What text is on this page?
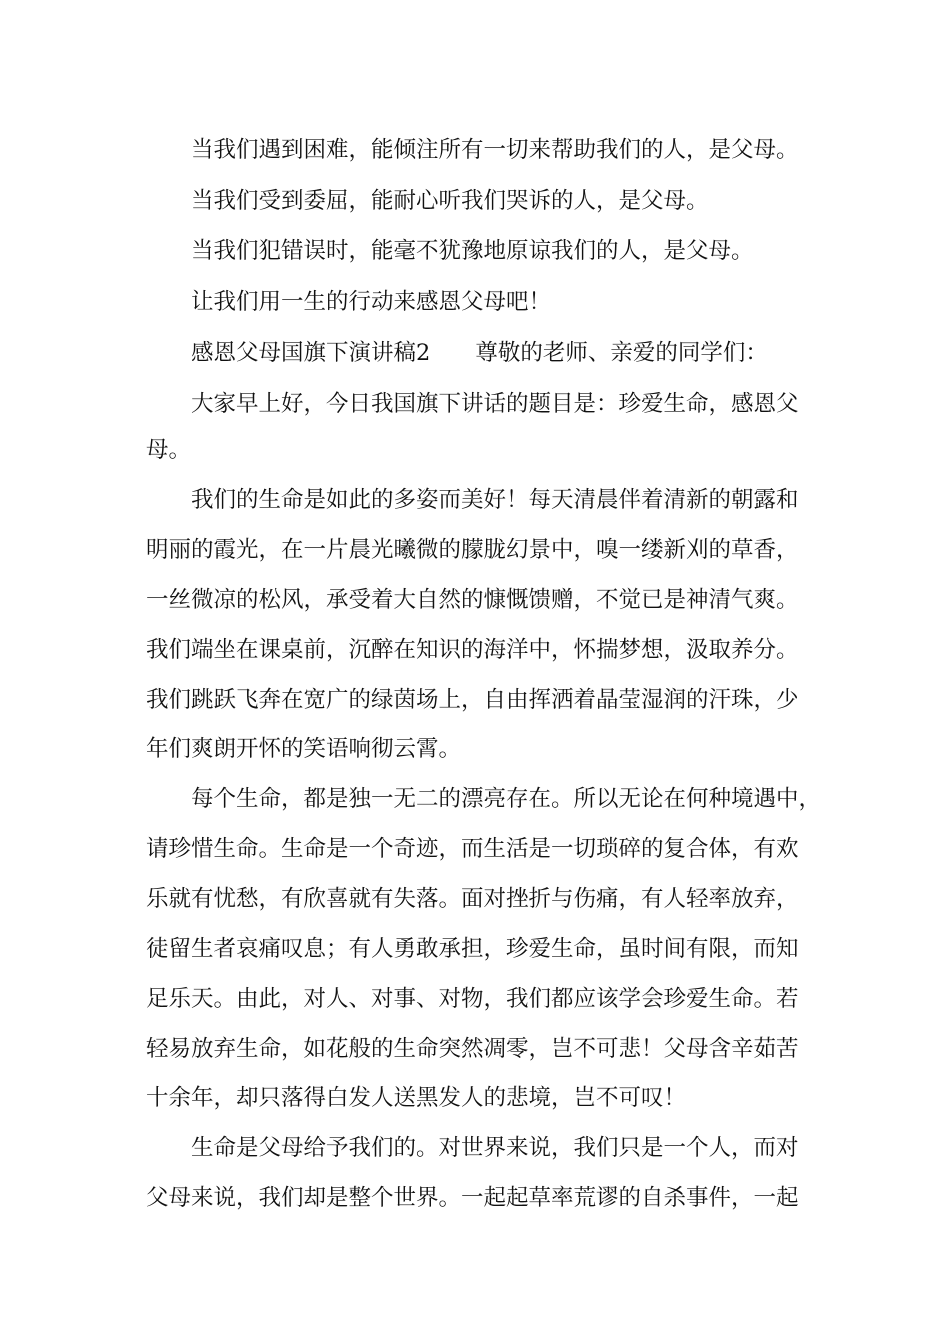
当我们遇到困难，能倾注所有一切来帮助我们的人，是父母。

当我们受到委屈，能耐心听我们哭诉的人，是父母。

当我们犯错误时，能毫不犹豫地原谅我们的人，是父母。

让我们用一生的行动来感恩父母吧！

感恩父母国旗下演讲稿2　　尊敬的老师、亲爱的同学们：

大家早上好，今日我国旗下讲话的题目是：珍爱生命，感恩父

母。

我们的生命是如此的多姿而美好！每天清晨伴着清新的朝露和

明丽的霞光，在一片晨光曦微的朦胧幻景中，嗅一缕新刈的草香，

一丝微凉的松风，承受着大自然的慷慨馈赠，不觉已是神清气爽。

我们端坐在课桌前，沉醉在知识的海洋中，怀揣梦想，汲取养分。

我们跳跃飞奔在宽广的绿茵场上，自由挥洒着晶莹湿润的汗珠，少

年们爽朗开怀的笑语响彻云霄。

每个生命，都是独一无二的漂亮存在。所以无论在何种境遇中，

请珍惜生命。生命是一个奇迹，而生活是一切琐碎的复合体，有欢

乐就有忧愁，有欣喜就有失落。面对挫折与伤痛，有人轻率放弃，

徒留生者哀痛叹息；有人勇敢承担，珍爱生命，虽时间有限，而知

足乐天。由此，对人、对事、对物，我们都应该学会珍爱生命。若

轻易放弃生命，如花般的生命突然凋零，岂不可悲！父母含辛茹苦

十余年，却只落得白发人送黑发人的悲境，岂不可叹！

生命是父母给予我们的。对世界来说，我们只是一个人，而对

父母来说，我们却是整个世界。一起起草率荒谬的自杀事件，一起
